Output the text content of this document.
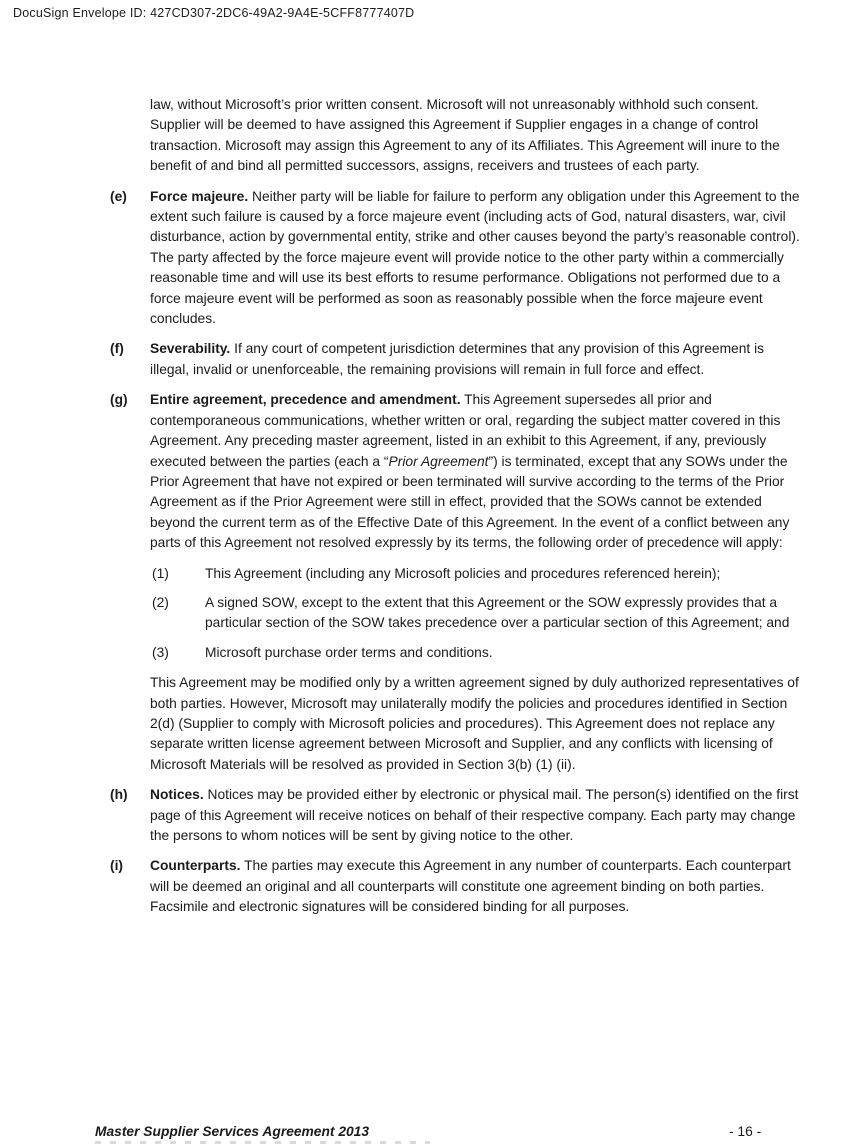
DocuSign Envelope ID: 427CD307-2DC6-49A2-9A4E-5CFF8777407D

law, without Microsoft’s prior written consent. Microsoft will not unreasonably withhold such consent. Supplier will be deemed to have assigned this Agreement if Supplier engages in a change of control transaction. Microsoft may assign this Agreement to any of its Affiliates. This Agreement will inure to the benefit of and bind all permitted successors, assigns, receivers and trustees of each party.

(e)	Force majeure. Neither party will be liable for failure to perform any obligation under this Agreement to the extent such failure is caused by a force majeure event (including acts of God, natural disasters, war, civil disturbance, action by governmental entity, strike and other causes beyond the party’s reasonable control). The party affected by the force majeure event will provide notice to the other party within a commercially reasonable time and will use its best efforts to resume performance. Obligations not performed due to a force majeure event will be performed as soon as reasonably possible when the force majeure event concludes.
(f)	Severability. If any court of competent jurisdiction determines that any provision of this Agreement is illegal, invalid or unenforceable, the remaining provisions will remain in full force and effect.
(g)	Entire agreement, precedence and amendment. This Agreement supersedes all prior and contemporaneous communications, whether written or oral, regarding the subject matter covered in this Agreement. Any preceding master agreement, listed in an exhibit to this Agreement, if any, previously executed between the parties (each a “Prior Agreement”) is terminated, except that any SOWs under the Prior Agreement that have not expired or been terminated will survive according to the terms of the Prior Agreement as if the Prior Agreement were still in effect, provided that the SOWs cannot be extended beyond the current term as of the Effective Date of this Agreement. In the event of a conflict between any parts of this Agreement not resolved expressly by its terms, the following order of precedence will apply:
(1)	This Agreement (including any Microsoft policies and procedures referenced herein);
(2)	A signed SOW, except to the extent that this Agreement or the SOW expressly provides that a particular section of the SOW takes precedence over a particular section of this Agreement; and
(3)	Microsoft purchase order terms and conditions.

This Agreement may be modified only by a written agreement signed by duly authorized representatives of both parties. However, Microsoft may unilaterally modify the policies and procedures identified in Section 2(d) (Supplier to comply with Microsoft policies and procedures). This Agreement does not replace any separate written license agreement between Microsoft and Supplier, and any conflicts with licensing of Microsoft Materials will be resolved as provided in Section 3(b) (1) (ii).

(h)	Notices. Notices may be provided either by electronic or physical mail. The person(s) identified on the first page of this Agreement will receive notices on behalf of their respective company. Each party may change the persons to whom notices will be sent by giving notice to the other.
(i)	Counterparts. The parties may execute this Agreement in any number of counterparts. Each counterpart will be deemed an original and all counterparts will constitute one agreement binding on both parties. Facsimile and electronic signatures will be considered binding for all purposes.
Master Supplier Services Agreement 2013	- 16 -
